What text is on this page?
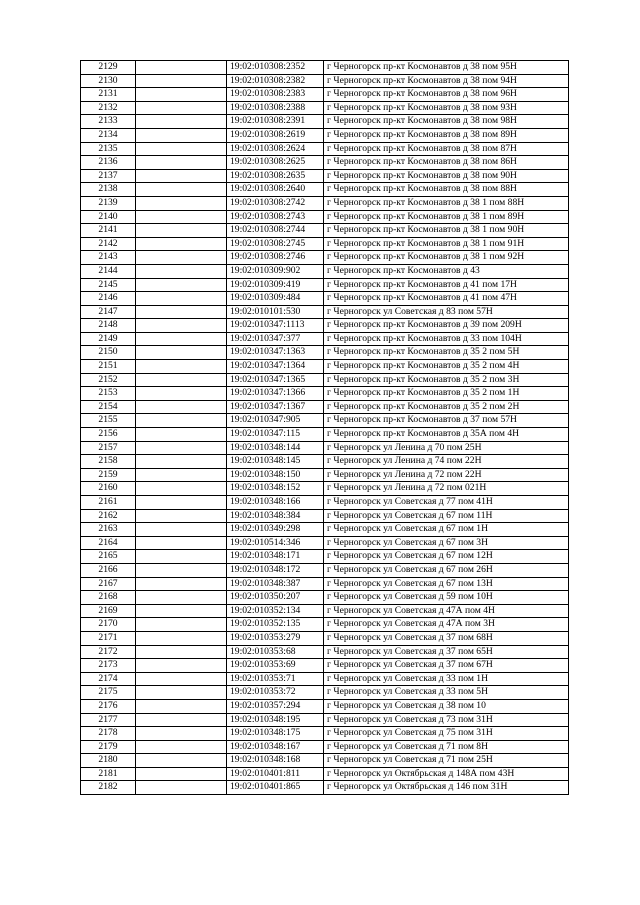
2129		19:02:010308:2352	г Черногорск пр-кт Космонавтов д 38 пом 95Н
2130		19:02:010308:2382	г Черногорск пр-кт Космонавтов д 38 пом 94Н
2131		19:02:010308:2383	г Черногорск пр-кт Космонавтов д 38 пом 96Н
2132		19:02:010308:2388	г Черногорск пр-кт Космонавтов д 38 пом 93Н
2133		19:02:010308:2391	г Черногорск пр-кт Космонавтов д 38 пом 98Н
2134		19:02:010308:2619	г Черногорск пр-кт Космонавтов д 38 пом 89Н
2135		19:02:010308:2624	г Черногорск пр-кт Космонавтов д 38 пом 87Н
2136		19:02:010308:2625	г Черногорск пр-кт Космонавтов д 38 пом 86Н
2137		19:02:010308:2635	г Черногорск пр-кт Космонавтов д 38 пом 90Н
2138		19:02:010308:2640	г Черногорск пр-кт Космонавтов д 38 пом 88Н
2139		19:02:010308:2742	г Черногорск пр-кт Космонавтов д 38 1 пом 88Н
2140		19:02:010308:2743	г Черногорск пр-кт Космонавтов д 38 1 пом 89Н
2141		19:02:010308:2744	г Черногорск пр-кт Космонавтов д 38 1 пом 90Н
2142		19:02:010308:2745	г Черногорск пр-кт Космонавтов д 38 1 пом 91Н
2143		19:02:010308:2746	г Черногорск пр-кт Космонавтов д 38 1 пом 92Н
2144		19:02:010309:902	г Черногорск пр-кт Космонавтов д 43
2145		19:02:010309:419	г Черногорск пр-кт Космонавтов д 41 пом 17Н
2146		19:02:010309:484	г Черногорск пр-кт Космонавтов д 41 пом 47Н
2147		19:02:010101:530	г Черногорск ул Советская д 83 пом 57Н
2148		19:02:010347:1113	г Черногорск пр-кт Космонавтов д 39 пом 209Н
2149		19:02:010347:377	г Черногорск пр-кт Космонавтов д 33 пом 104Н
2150		19:02:010347:1363	г Черногорск пр-кт Космонавтов д 35 2 пом 5Н
2151		19:02:010347:1364	г Черногорск пр-кт Космонавтов д 35 2 пом 4Н
2152		19:02:010347:1365	г Черногорск пр-кт Космонавтов д 35 2 пом 3Н
2153		19:02:010347:1366	г Черногорск пр-кт Космонавтов д 35 2 пом 1Н
2154		19:02:010347:1367	г Черногорск пр-кт Космонавтов д 35 2 пом 2Н
2155		19:02:010347:905	г Черногорск пр-кт Космонавтов д 37 пом 57Н
2156		19:02:010347:115	г Черногорск пр-кт Космонавтов д 35А пом 4Н
2157		19:02:010348:144	г Черногорск ул Ленина д 70 пом 25Н
2158		19:02:010348:145	г Черногорск ул Ленина д 74 пом 22Н
2159		19:02:010348:150	г Черногорск ул Ленина д 72 пом 22Н
2160		19:02:010348:152	г Черногорск ул Ленина д 72 пом 021Н
2161		19:02:010348:166	г Черногорск ул Советская д 77 пом 41Н
2162		19:02:010348:384	г Черногорск ул Советская д 67 пом 11Н
2163		19:02:010349:298	г Черногорск ул Советская д 67 пом 1Н
2164		19:02:010514:346	г Черногорск ул Советская д 67 пом 3Н
2165		19:02:010348:171	г Черногорск ул Советская д 67 пом 12Н
2166		19:02:010348:172	г Черногорск ул Советская д 67 пом 26Н
2167		19:02:010348:387	г Черногорск ул Советская д 67 пом 13Н
2168		19:02:010350:207	г Черногорск ул Советская д 59 пом 10Н
2169		19:02:010352:134	г Черногорск ул Советская д 47А пом 4Н
2170		19:02:010352:135	г Черногорск ул Советская д 47А пом 3Н
2171		19:02:010353:279	г Черногорск ул Советская д 37 пом 68Н
2172		19:02:010353:68	г Черногорск ул Советская д 37 пом 65Н
2173		19:02:010353:69	г Черногорск ул Советская д 37 пом 67Н
2174		19:02:010353:71	г Черногорск ул Советская д 33 пом 1Н
2175		19:02:010353:72	г Черногорск ул Советская д 33 пом 5Н
2176		19:02:010357:294	г Черногорск ул Советская д 38 пом 10
2177		19:02:010348:195	г Черногорск ул Советская д 73 пом 31Н
2178		19:02:010348:175	г Черногорск ул Советская д 75 пом 31Н
2179		19:02:010348:167	г Черногорск ул Советская д 71 пом 8Н
2180		19:02:010348:168	г Черногорск ул Советская д 71 пом 25Н
2181		19:02:010401:811	г Черногорск ул Октябрьская д 148А пом 43Н
2182		19:02:010401:865	г Черногорск ул Октябрьская д 146 пом 31Н
